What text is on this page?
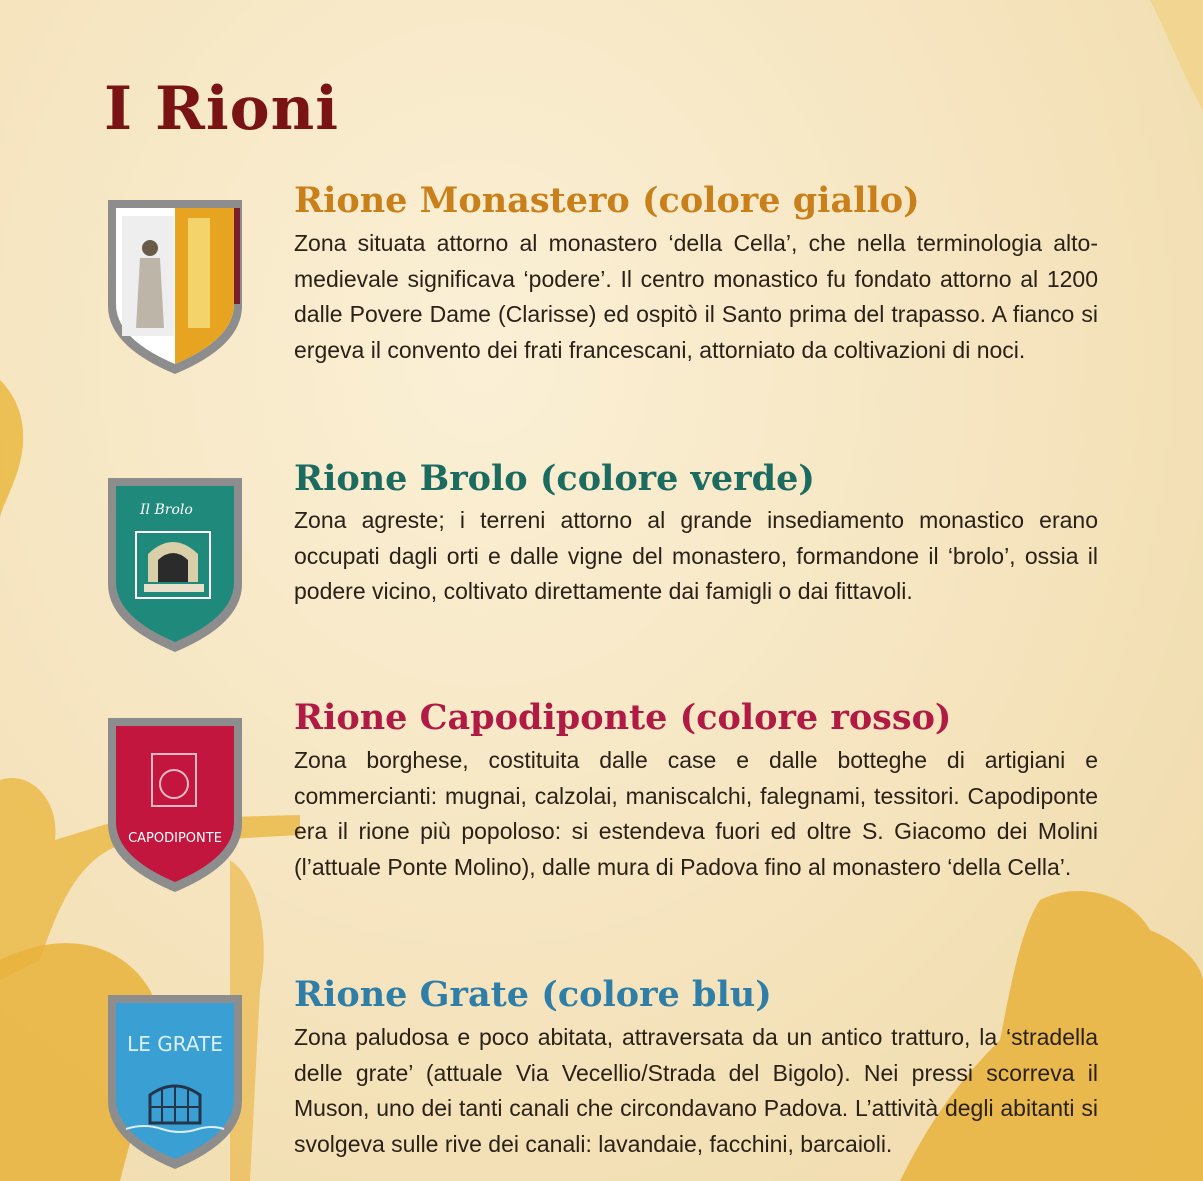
I Rioni
Rione Monastero (colore giallo)

Zona situata attorno al monastero ‘della Cella’, che nella terminologia alto-medievale significava ‘podere’. Il centro monastico fu fondato attorno al 1200 dalle Povere Dame (Clarisse) ed ospitò il Santo prima del trapasso. A fianco si ergeva il convento dei frati francescani, attorniato da coltivazioni di noci.

Il Brolo
Rione Brolo (colore verde)

Zona agreste; i terreni attorno al grande insediamento monastico erano occupati dagli orti e dalle vigne del monastero, formandone il ‘brolo’, ossia il podere vicino, coltivato direttamente dai famigli o dai fittavoli.

CAPODIPONTE
Rione Capodiponte (colore rosso)

Zona borghese, costituita dalle case e dalle botteghe di artigiani e commercianti: mugnai, calzolai, maniscalchi, falegnami, tessitori. Capodiponte era il rione più popoloso: si estendeva fuori ed oltre S. Giacomo dei Molini (l’attuale Ponte Molino), dalle mura di Padova fino al monastero ‘della Cella’.

LE GRATE
Rione Grate (colore blu)

Zona paludosa e poco abitata, attraversata da un antico tratturo, la ‘stradella delle grate’ (attuale Via Vecellio/Strada del Bigolo). Nei pressi scorreva il Muson, uno dei tanti canali che circondavano Padova. L’attività degli abitanti si svolgeva sulle rive dei canali: lavandaie, facchini, barcaioli.
